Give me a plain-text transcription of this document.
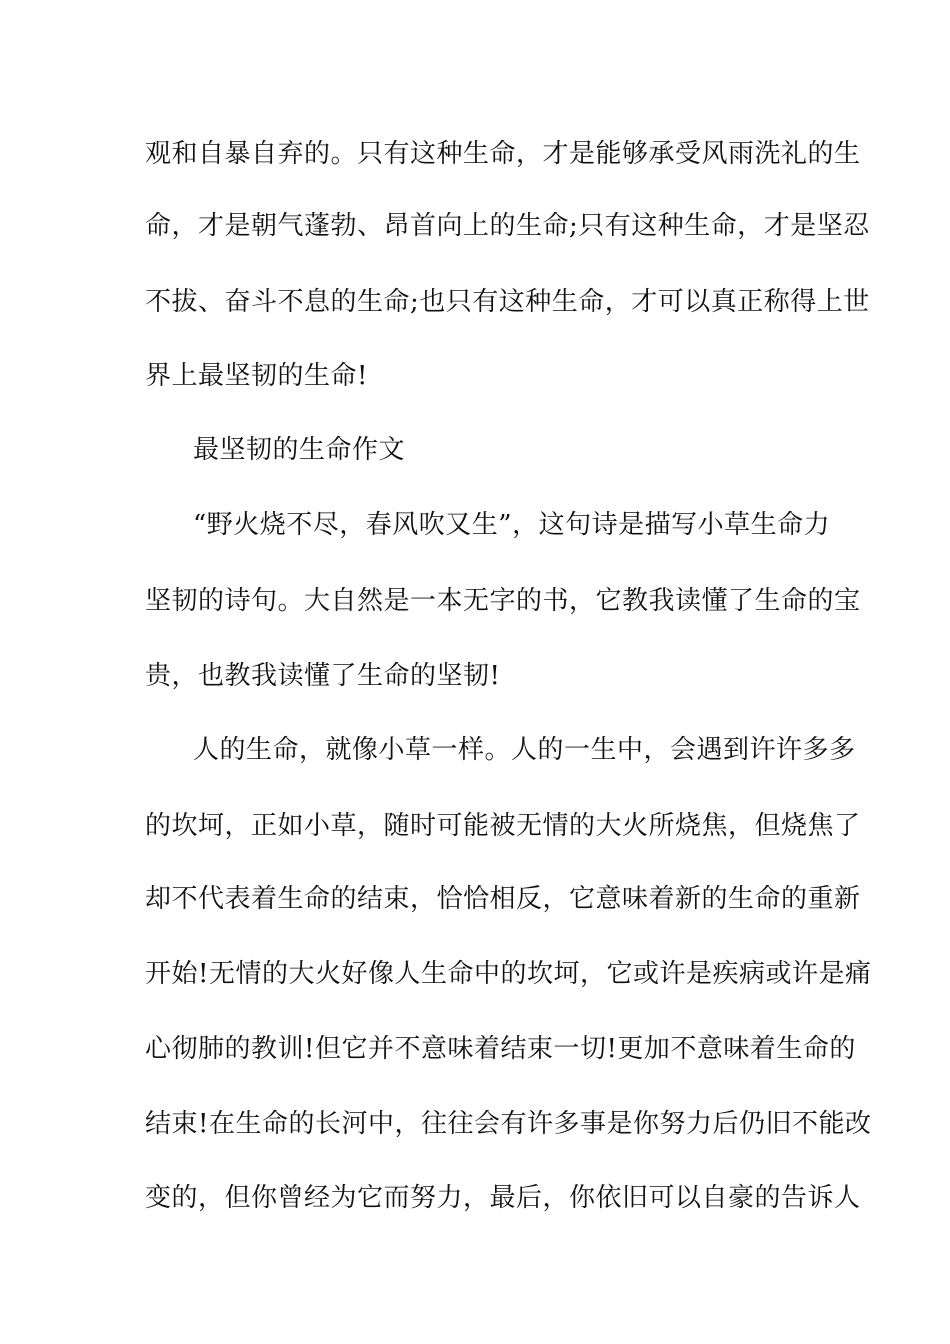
观和自暴自弃的。只有这种生命，才是能够承受风雨洗礼的生
命，才是朝气蓬勃、昂首向上的生命;只有这种生命，才是坚忍
不拔、奋斗不息的生命;也只有这种生命，才可以真正称得上世
界上最坚韧的生命!
最坚韧的生命作文
“野火烧不尽，春风吹又生”，这句诗是描写小草生命力
坚韧的诗句。大自然是一本无字的书，它教我读懂了生命的宝
贵，也教我读懂了生命的坚韧!
人的生命，就像小草一样。人的一生中，会遇到许许多多
的坎坷，正如小草，随时可能被无情的大火所烧焦，但烧焦了
却不代表着生命的结束，恰恰相反，它意味着新的生命的重新
开始!无情的大火好像人生命中的坎坷，它或许是疾病或许是痛
心彻肺的教训!但它并不意味着结束一切!更加不意味着生命的
结束!在生命的长河中，往往会有许多事是你努力后仍旧不能改
变的，但你曾经为它而努力，最后，你依旧可以自豪的告诉人
